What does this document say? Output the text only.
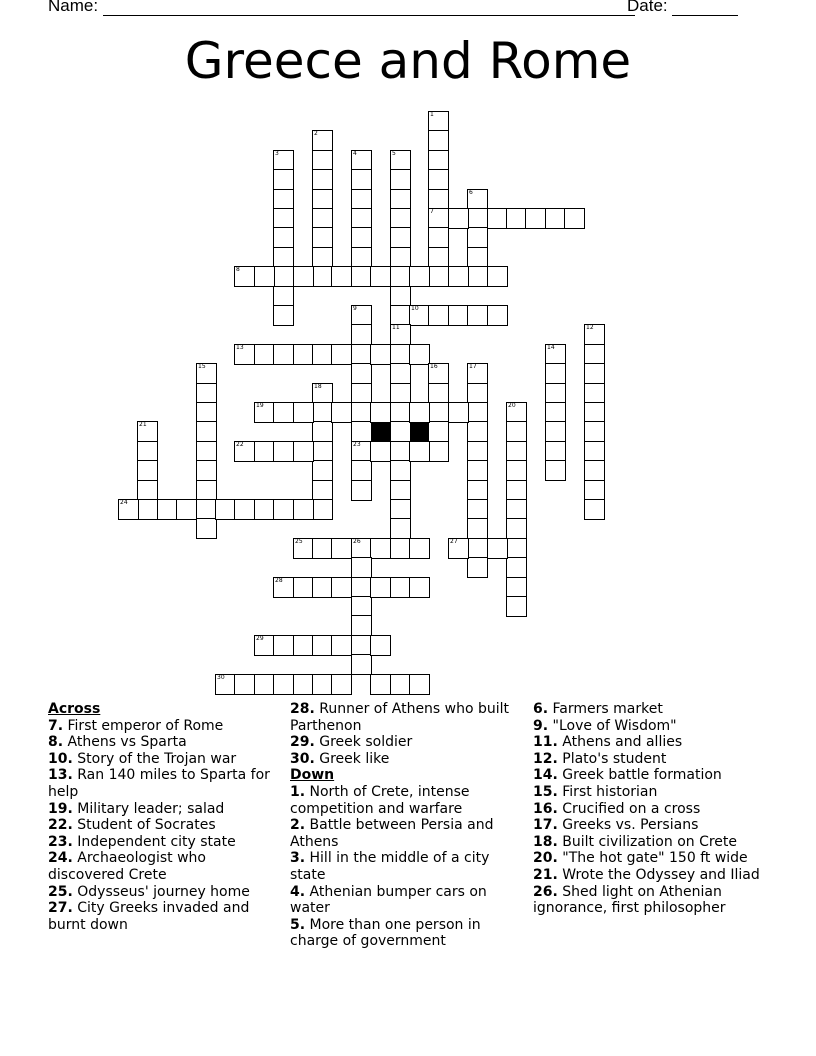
Name:	Date:
Greece and Rome
1
7
2
3	4	5
6
8
9
23
10
11	12
13	14
15	16	17
18
19	20
21
22
24
25	26	27
28
29
30
Across
7. First emperor of Rome
8. Athens vs Sparta
10. Story of the Trojan war
13. Ran 140 miles to Sparta for help
19. Military leader; salad
22. Student of Socrates
23. Independent city state
24. Archaeologist who discovered Crete
25. Odysseus' journey home
27. City Greeks invaded and burnt down
28. Runner of Athens who built Parthenon
29. Greek soldier
30. Greek like
Down
1. North of Crete, intense competition and warfare
2. Battle between Persia and Athens
3. Hill in the middle of a city state
4. Athenian bumper cars on water
5. More than one person in charge of government
6. Farmers market
9. "Love of Wisdom"
11. Athens and allies
12. Plato's student
14. Greek battle formation
15. First historian
16. Crucified on a cross
17. Greeks vs. Persians
18. Built civilization on Crete
20. "The hot gate" 150 ft wide
21. Wrote the Odyssey and Iliad
26. Shed light on Athenian ignorance, first philosopher
